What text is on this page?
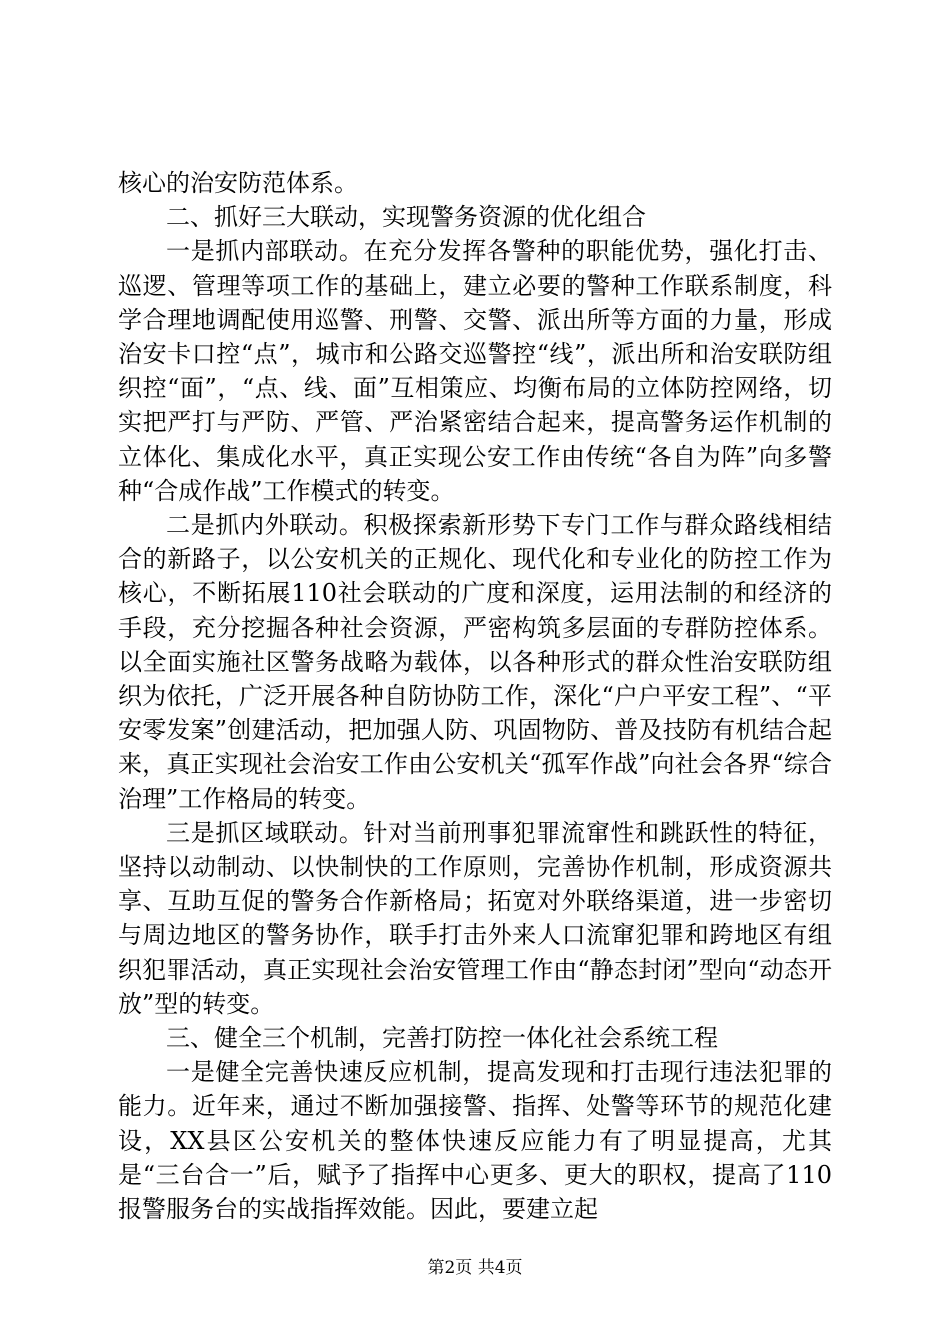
核心的治安防范体系。

二、抓好三大联动，实现警务资源的优化组合

一是抓内部联动。在充分发挥各警种的职能优势，强化打击、巡逻、管理等项工作的基础上，建立必要的警种工作联系制度，科学合理地调配使用巡警、刑警、交警、派出所等方面的力量，形成治安卡口控“点”，城市和公路交巡警控“线”，派出所和治安联防组织控“面”，“点、线、面”互相策应、均衡布局的立体防控网络，切实把严打与严防、严管、严治紧密结合起来，提高警务运作机制的立体化、集成化水平，真正实现公安工作由传统“各自为阵”向多警种“合成作战”工作模式的转变。

二是抓内外联动。积极探索新形势下专门工作与群众路线相结合的新路子，以公安机关的正规化、现代化和专业化的防控工作为核心，不断拓展110社会联动的广度和深度，运用法制的和经济的手段，充分挖掘各种社会资源，严密构筑多层面的专群防控体系。以全面实施社区警务战略为载体，以各种形式的群众性治安联防组织为依托，广泛开展各种自防协防工作，深化“户户平安工程”、“平安零发案”创建活动，把加强人防、巩固物防、普及技防有机结合起来，真正实现社会治安工作由公安机关“孤军作战”向社会各界“综合治理”工作格局的转变。

三是抓区域联动。针对当前刑事犯罪流窜性和跳跃性的特征，坚持以动制动、以快制快的工作原则，完善协作机制，形成资源共享、互助互促的警务合作新格局；拓宽对外联络渠道，进一步密切与周边地区的警务协作，联手打击外来人口流窜犯罪和跨地区有组织犯罪活动，真正实现社会治安管理工作由“静态封闭”型向“动态开放”型的转变。

三、健全三个机制，完善打防控一体化社会系统工程

一是健全完善快速反应机制，提高发现和打击现行违法犯罪的能力。近年来，通过不断加强接警、指挥、处警等环节的规范化建设，XX县区公安机关的整体快速反应能力有了明显提高，尤其是“三台合一”后，赋予了指挥中心更多、更大的职权，提高了110报警服务台的实战指挥效能。因此，要建立起

第2页 共4页
